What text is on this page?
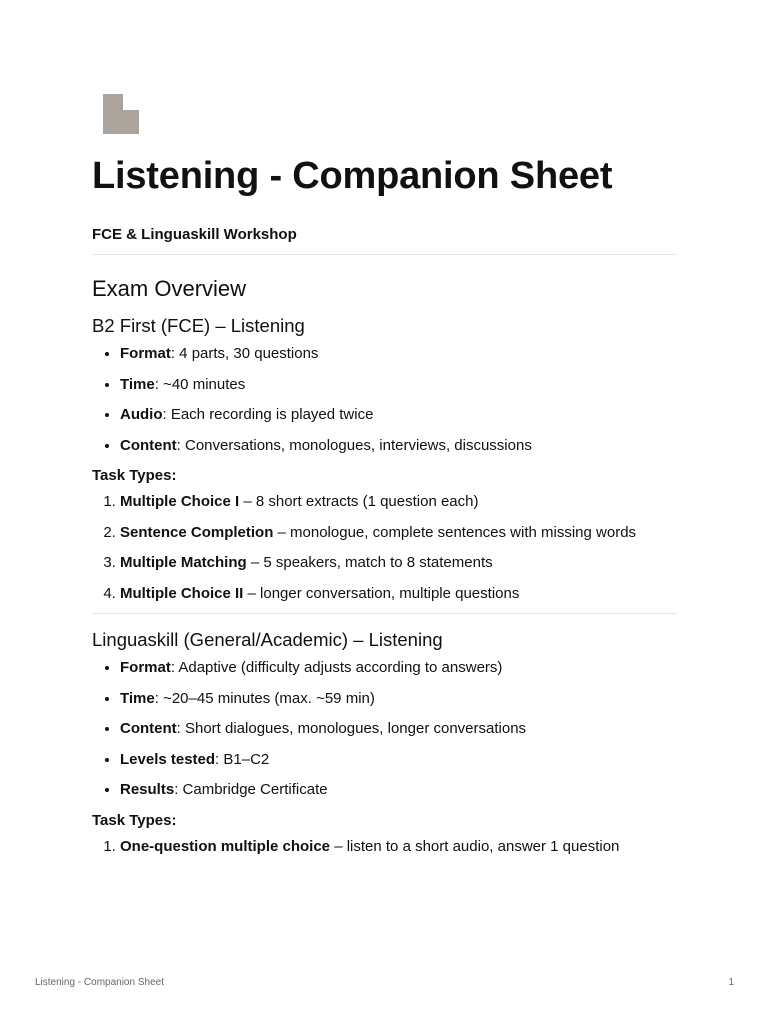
Listening - Companion Sheet
FCE & Linguaskill Workshop
Exam Overview
B2 First (FCE) – Listening
• Format: 4 parts, 30 questions
• Time: ~40 minutes
• Audio: Each recording is played twice
• Content: Conversations, monologues, interviews, discussions
Task Types:
1. Multiple Choice I – 8 short extracts (1 question each)
2. Sentence Completion – monologue, complete sentences with missing words
3. Multiple Matching – 5 speakers, match to 8 statements
4. Multiple Choice II – longer conversation, multiple questions
Linguaskill (General/Academic) – Listening
• Format: Adaptive (difficulty adjusts according to answers)
• Time: ~20–45 minutes (max. ~59 min)
• Content: Short dialogues, monologues, longer conversations
• Levels tested: B1–C2
• Results: Cambridge Certificate
Task Types:
1. One-question multiple choice – listen to a short audio, answer 1 question
Listening - Companion Sheet	1
